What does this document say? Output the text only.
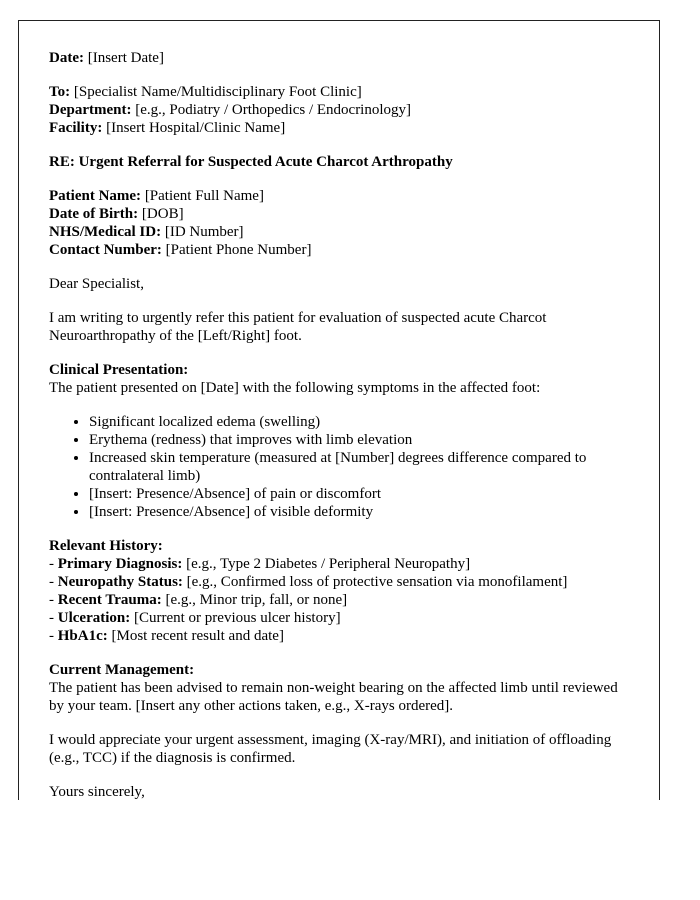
Date: [Insert Date]

To: [Specialist Name/Multidisciplinary Foot Clinic]

Department: [e.g., Podiatry / Orthopedics / Endocrinology]

Facility: [Insert Hospital/Clinic Name]

RE: Urgent Referral for Suspected Acute Charcot Arthropathy

Patient Name: [Patient Full Name]

Date of Birth: [DOB]

NHS/Medical ID: [ID Number]

Contact Number: [Patient Phone Number]

Dear Specialist,

I am writing to urgently refer this patient for evaluation of suspected acute Charcot Neuroarthropathy of the [Left/Right] foot.

Clinical Presentation:

The patient presented on [Date] with the following symptoms in the affected foot:

• Significant localized edema (swelling)
• Erythema (redness) that improves with limb elevation
• Increased skin temperature (measured at [Number] degrees difference compared to contralateral limb)
• [Insert: Presence/Absence] of pain or discomfort
• [Insert: Presence/Absence] of visible deformity

Relevant History:

- Primary Diagnosis: [e.g., Type 2 Diabetes / Peripheral Neuropathy]

- Neuropathy Status: [e.g., Confirmed loss of protective sensation via monofilament]

- Recent Trauma: [e.g., Minor trip, fall, or none]

- Ulceration: [Current or previous ulcer history]

- HbA1c: [Most recent result and date]

Current Management:

The patient has been advised to remain non-weight bearing on the affected limb until reviewed by your team. [Insert any other actions taken, e.g., X-rays ordered].

I would appreciate your urgent assessment, imaging (X-ray/MRI), and initiation of offloading (e.g., TCC) if the diagnosis is confirmed.

Yours sincerely,
